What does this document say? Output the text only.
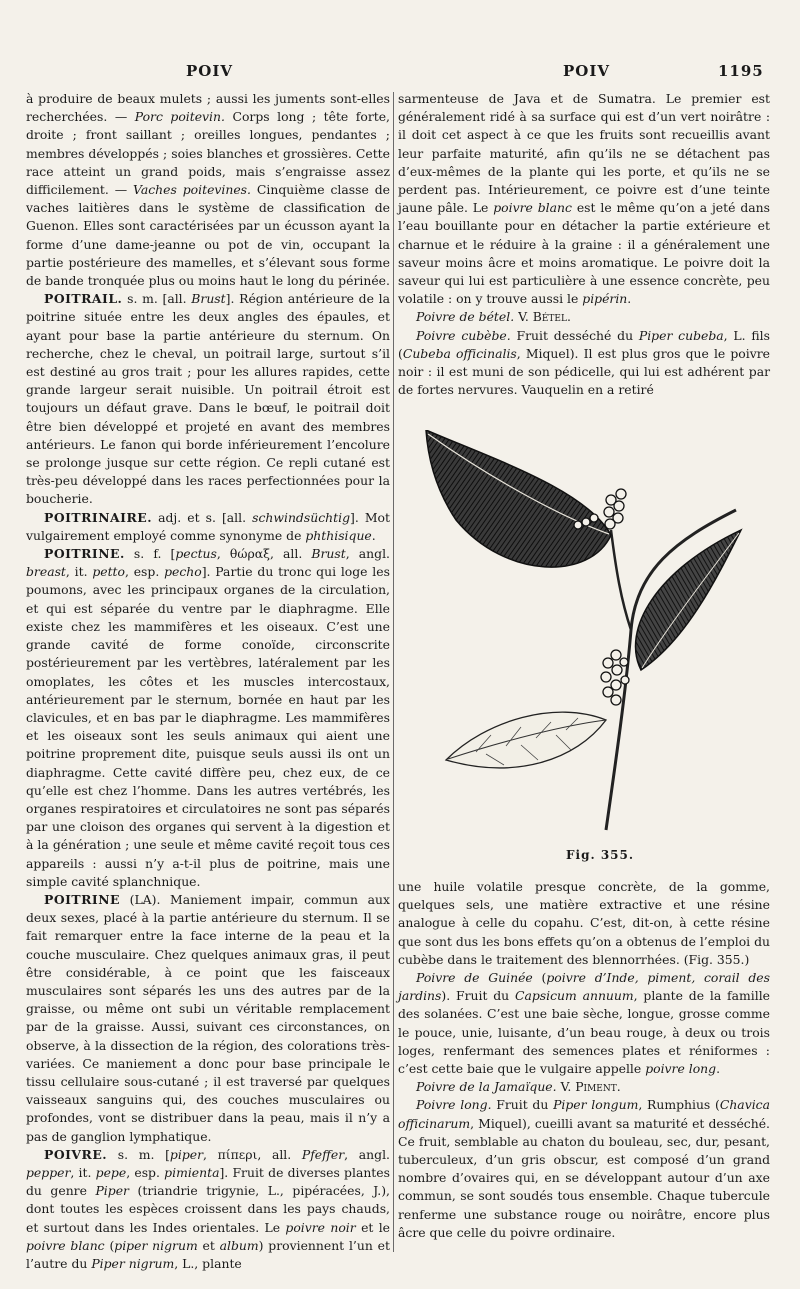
POIV	POIV	1195

à produire de beaux mulets ; aussi les juments sont-elles recherchées. — Porc poitevin. Corps long ; tête forte, droite ; front saillant ; oreilles longues, pendantes ; membres développés ; soies blanches et grossières. Cette race atteint un grand poids, mais s’engraisse assez difficilement. — Vaches poitevines. Cinquième classe de vaches laitières dans le système de classification de Guenon. Elles sont caractérisées par un écusson ayant la forme d’une dame-jeanne ou pot de vin, occupant la partie postérieure des mamelles, et s’élevant sous forme de bande tronquée plus ou moins haut le long du périnée.

POITRAIL. s. m. [all. Brust]. Région antérieure de la poitrine située entre les deux angles des épaules, et ayant pour base la partie antérieure du sternum. On recherche, chez le cheval, un poitrail large, surtout s’il est destiné au gros trait ; pour les allures rapides, cette grande largeur serait nuisible. Un poitrail étroit est toujours un défaut grave. Dans le bœuf, le poitrail doit être bien développé et projeté en avant des membres antérieurs. Le fanon qui borde inférieurement l’encolure se prolonge jusque sur cette région. Ce repli cutané est très-peu développé dans les races perfectionnées pour la boucherie.

POITRINAIRE. adj. et s. [all. schwindsüchtig]. Mot vulgairement employé comme synonyme de phthisique.

POITRINE. s. f. [pectus, θώραξ, all. Brust, angl. breast, it. petto, esp. pecho]. Partie du tronc qui loge les poumons, avec les principaux organes de la circulation, et qui est séparée du ventre par le diaphragme. Elle existe chez les mammifères et les oiseaux. C’est une grande cavité de forme conoïde, circonscrite postérieurement par les vertèbres, latéralement par les omoplates, les côtes et les muscles intercostaux, antérieurement par le sternum, bornée en haut par les clavicules, et en bas par le diaphragme. Les mammifères et les oiseaux sont les seuls animaux qui aient une poitrine proprement dite, puisque seuls aussi ils ont un diaphragme. Cette cavité diffère peu, chez eux, de ce qu’elle est chez l’homme. Dans les autres vertébrés, les organes respiratoires et circulatoires ne sont pas séparés par une cloison des organes qui servent à la digestion et à la génération ; une seule et même cavité reçoit tous ces appareils : aussi n’y a-t-il plus de poitrine, mais une simple cavité splanchnique.

POITRINE (LA). Maniement impair, commun aux deux sexes, placé à la partie antérieure du sternum. Il se fait remarquer entre la face interne de la peau et la couche musculaire. Chez quelques animaux gras, il peut être considérable, à ce point que les faisceaux musculaires sont séparés les uns des autres par de la graisse, ou même ont subi un véritable remplacement par de la graisse. Aussi, suivant ces circonstances, on observe, à la dissection de la région, des colorations très-variées. Ce maniement a donc pour base principale le tissu cellulaire sous-cutané ; il est traversé par quelques vaisseaux sanguins qui, des couches musculaires ou profondes, vont se distribuer dans la peau, mais il n’y a pas de ganglion lymphatique.

POIVRE. s. m. [piper, πίπερι, all. Pfeffer, angl. pepper, it. pepe, esp. pimienta]. Fruit de diverses plantes du genre Piper (triandrie trigynie, L., pipéracées, J.), dont toutes les espèces croissent dans les pays chauds, et surtout dans les Indes orientales. Le poivre noir et le poivre blanc (piper nigrum et album) proviennent l’un et l’autre du Piper nigrum, L., plante

sarmenteuse de Java et de Sumatra. Le premier est généralement ridé à sa surface qui est d’un vert noirâtre : il doit cet aspect à ce que les fruits sont recueillis avant leur parfaite maturité, afin qu’ils ne se détachent pas d’eux-mêmes de la plante qui les porte, et qu’ils ne se perdent pas. Intérieurement, ce poivre est d’une teinte jaune pâle. Le poivre blanc est le même qu’on a jeté dans l’eau bouillante pour en détacher la partie extérieure et charnue et le réduire à la graine : il a généralement une saveur moins âcre et moins aromatique. Le poivre doit la saveur qui lui est particulière à une essence concrète, peu volatile : on y trouve aussi le pipérin.

Poivre de bétel. V. Bétel.

Poivre cubèbe. Fruit desséché du Piper cubeba, L. fils (Cubeba officinalis, Miquel). Il est plus gros que le poivre noir : il est muni de son pédicelle, qui lui est adhérent par de fortes nervures. Vauquelin en a retiré

Fig. 355.

une huile volatile presque concrète, de la gomme, quelques sels, une matière extractive et une résine analogue à celle du copahu. C’est, dit-on, à cette résine que sont dus les bons effets qu’on a obtenus de l’emploi du cubèbe dans le traitement des blennorrhées. (Fig. 355.)

Poivre de Guinée (poivre d’Inde, piment, corail des jardins). Fruit du Capsicum annuum, plante de la famille des solanées. C’est une baie sèche, longue, grosse comme le pouce, unie, luisante, d’un beau rouge, à deux ou trois loges, renfermant des semences plates et réniformes : c’est cette baie que le vulgaire appelle poivre long.

Poivre de la Jamaïque. V. Piment.

Poivre long. Fruit du Piper longum, Rumphius (Chavica officinarum, Miquel), cueilli avant sa maturité et desséché. Ce fruit, semblable au chaton du bouleau, sec, dur, pesant, tuberculeux, d’un gris obscur, est composé d’un grand nombre d’ovaires qui, en se développant autour d’un axe commun, se sont soudés tous ensemble. Chaque tubercule renferme une substance rouge ou noirâtre, encore plus âcre que celle du poivre ordinaire.
